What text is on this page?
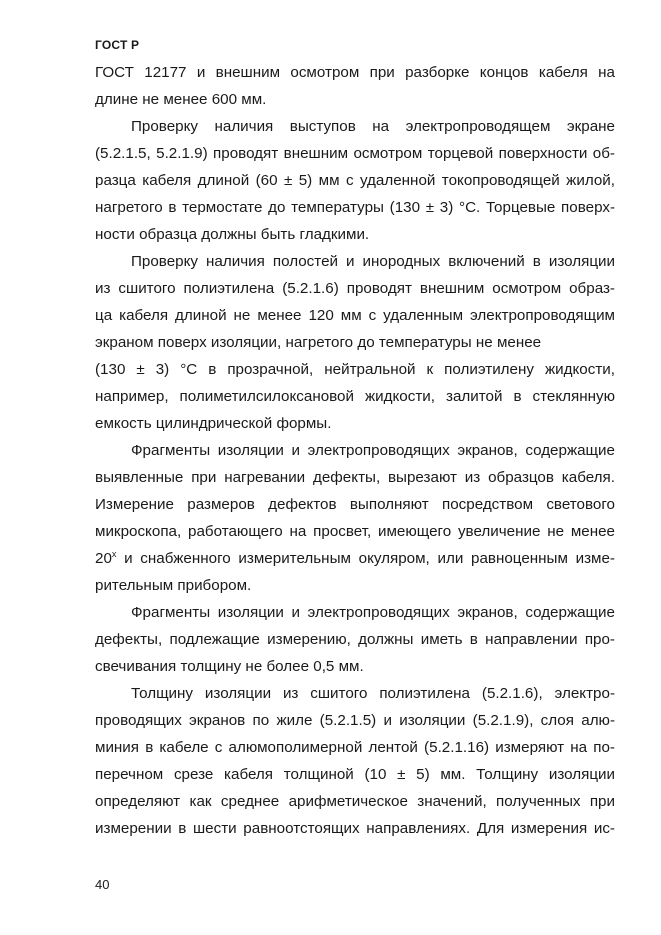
ГОСТ Р
ГОСТ 12177 и внешним осмотром при разборке концов кабеля на
длине не менее 600 мм.
Проверку наличия выступов на электропроводящем экране
(5.2.1.5, 5.2.1.9) проводят внешним осмотром торцевой поверхности об-
разца кабеля длиной (60 ± 5) мм с удаленной токопроводящей жилой,
нагретого в термостате до температуры (130 ± 3) °С. Торцевые поверх-
ности образца должны быть гладкими.
Проверку наличия полостей и инородных включений в изоляции
из сшитого полиэтилена (5.2.1.6) проводят внешним осмотром образ-
ца кабеля длиной не менее 120 мм с удаленным электропроводящим
экраном поверх изоляции, нагретого до температуры не менее
(130 ± 3) °С в прозрачной, нейтральной к полиэтилену жидкости,
например, полиметилсилоксановой жидкости, залитой в стеклянную
емкость цилиндрической формы.
Фрагменты изоляции и электропроводящих экранов, содержащие
выявленные при нагревании дефекты, вырезают из образцов кабеля.
Измерение размеров дефектов выполняют посредством светового
микроскопа, работающего на просвет, имеющего увеличение не менее
$20^х$ и снабженного измерительным окуляром, или равноценным изме-
рительным прибором.
Фрагменты изоляции и электропроводящих экранов, содержащие
дефекты, подлежащие измерению, должны иметь в направлении про-
свечивания толщину не более 0,5 мм.
Толщину изоляции из сшитого полиэтилена (5.2.1.6), электро-
проводящих экранов по жиле (5.2.1.5) и изоляции (5.2.1.9), слоя алю-
миния в кабеле с алюмополимерной лентой (5.2.1.16) измеряют на по-
перечном срезе кабеля толщиной (10 ± 5) мм. Толщину изоляции
определяют как среднее арифметическое значений, полученных при
измерении в шести равноотстоящих направлениях. Для измерения ис-
40
